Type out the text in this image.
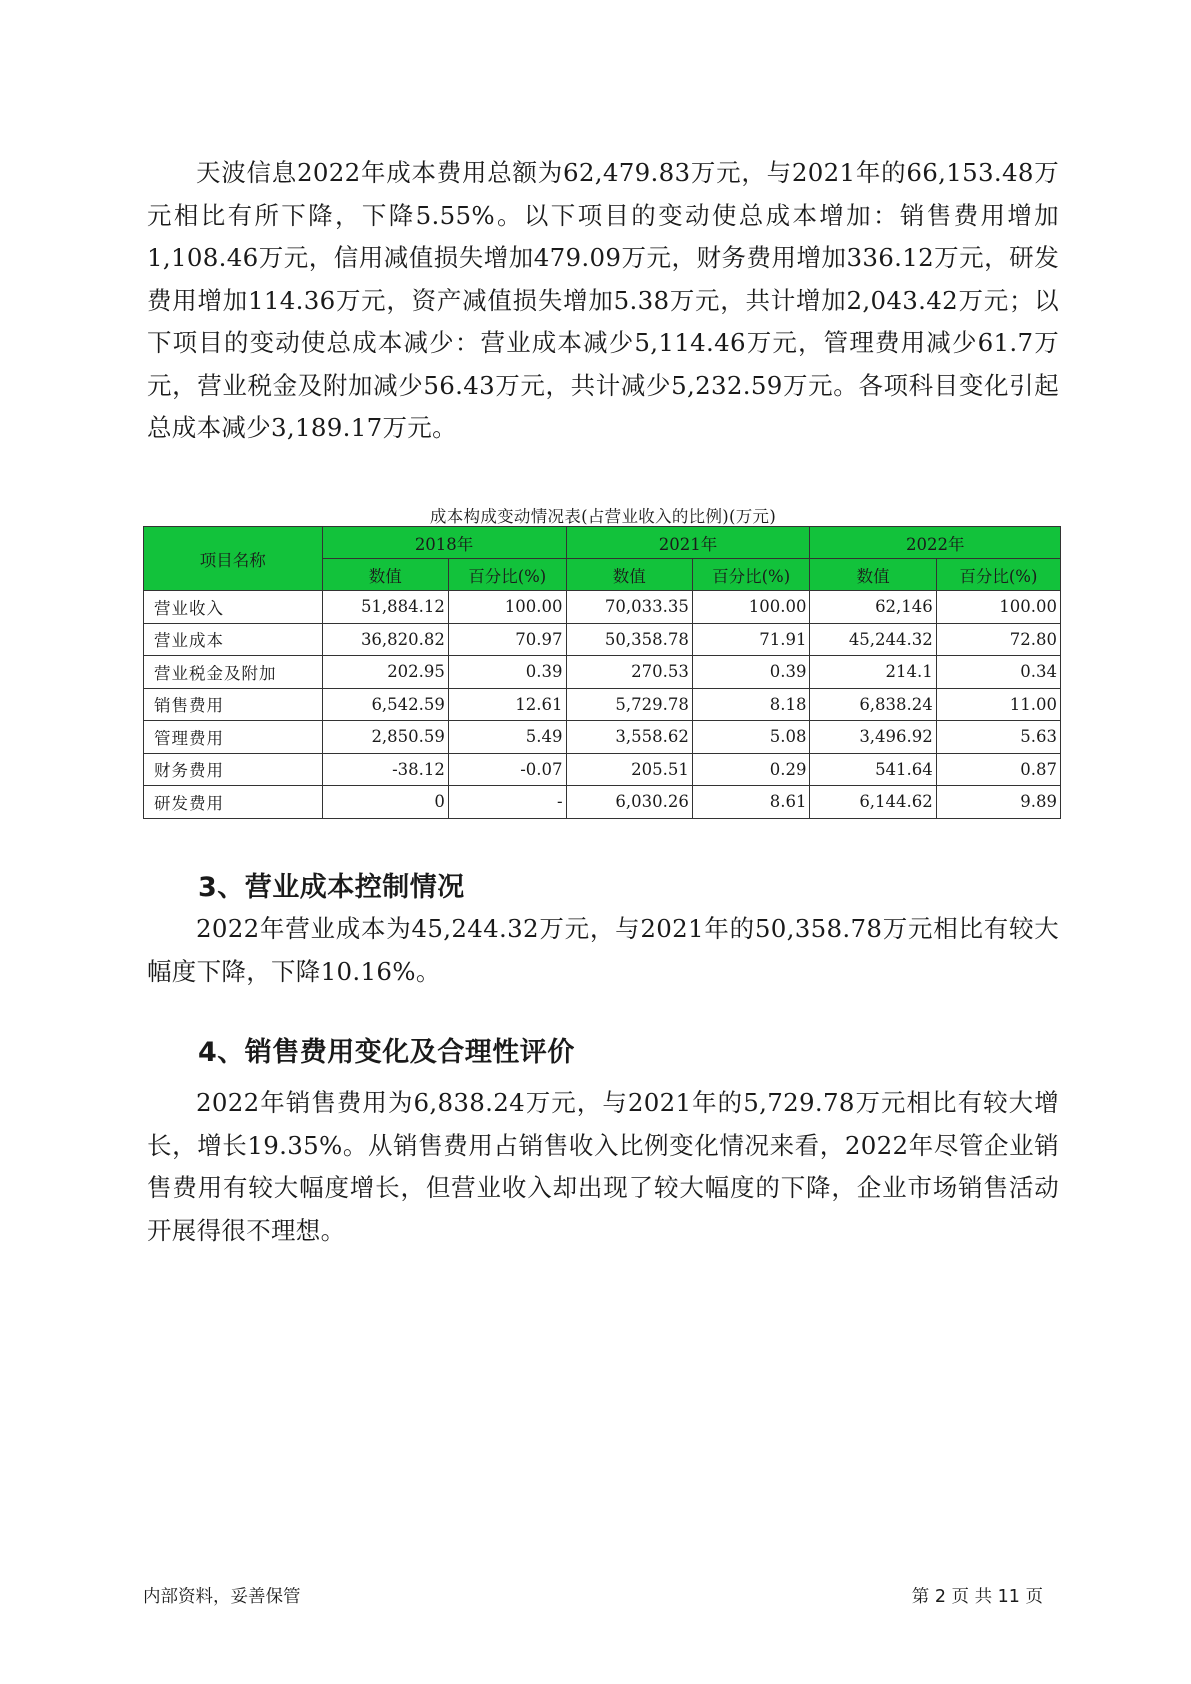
天波信息2022年成本费用总额为62,479.83万元，与2021年的66,153.48万元相比有所下降，下降5.55%。以下项目的变动使总成本增加：销售费用增加1,108.46万元，信用减值损失增加479.09万元，财务费用增加336.12万元，研发费用增加114.36万元，资产减值损失增加5.38万元，共计增加2,043.42万元；以下项目的变动使总成本减少：营业成本减少5,114.46万元，管理费用减少61.7万元，营业税金及附加减少56.43万元，共计减少5,232.59万元。各项科目变化引起总成本减少3,189.17万元。

成本构成变动情况表(占营业收入的比例)(万元)

项目名称	2018年		2021年		2022年	
	数值	百分比(%)	数值	百分比(%)	数值	百分比(%)
营业收入	51,884.12	100.00	70,033.35	100.00	62,146	100.00
营业成本	36,820.82	70.97	50,358.78	71.91	45,244.32	72.80
营业税金及附加	202.95	0.39	270.53	0.39	214.1	0.34
销售费用	6,542.59	12.61	5,729.78	8.18	6,838.24	11.00
管理费用	2,850.59	5.49	3,558.62	5.08	3,496.92	5.63
财务费用	-38.12	-0.07	205.51	0.29	541.64	0.87
研发费用	0	-	6,030.26	8.61	6,144.62	9.89
3、营业成本控制情况

2022年营业成本为45,244.32万元，与2021年的50,358.78万元相比有较大幅度下降，下降10.16%。

4、销售费用变化及合理性评价

2022年销售费用为6,838.24万元，与2021年的5,729.78万元相比有较大增长，增长19.35%。从销售费用占销售收入比例变化情况来看，2022年尽管企业销售费用有较大幅度增长，但营业收入却出现了较大幅度的下降，企业市场销售活动开展得很不理想。

内部资料，妥善保管	第 2 页 共 11 页
